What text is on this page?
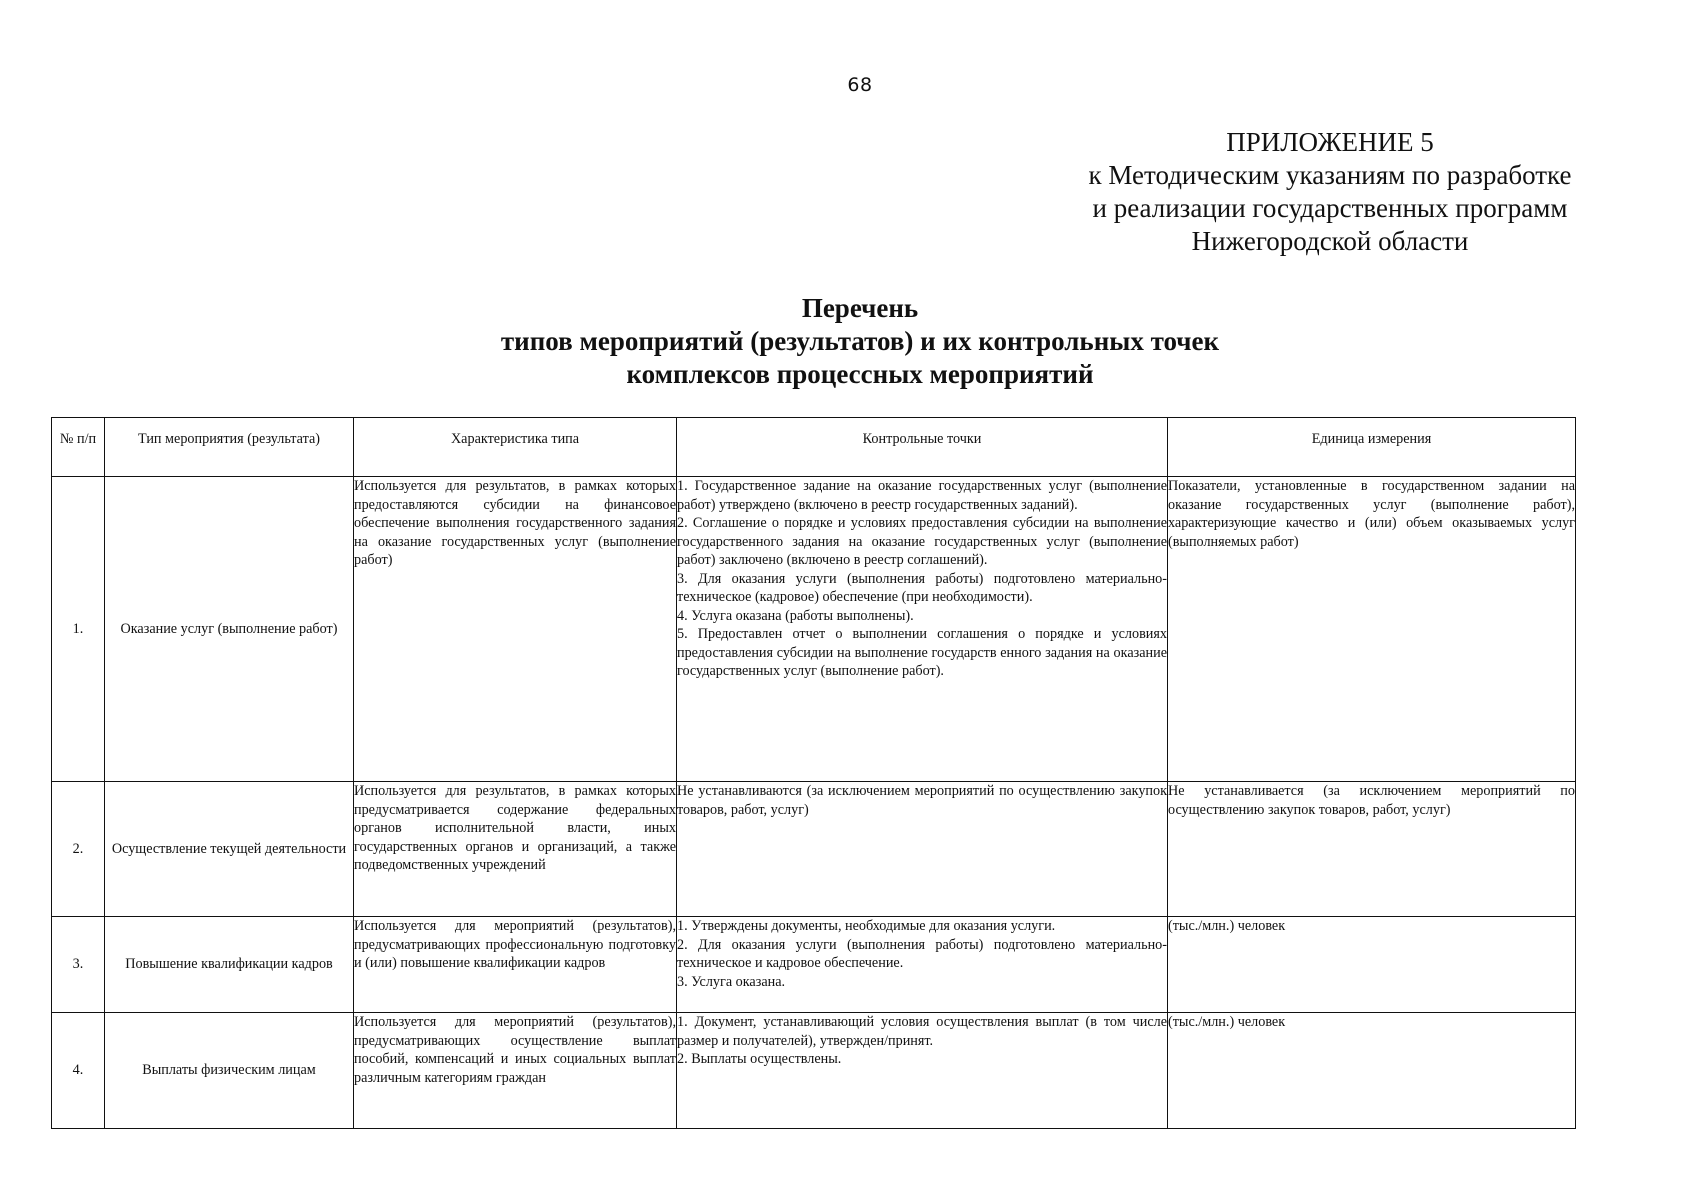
68
ПРИЛОЖЕНИЕ 5
к Методическим указаниям по разработке
и реализации государственных программ
Нижегородской области
Перечень
типов мероприятий (результатов) и их контрольных точек
комплексов процессных мероприятий
№ п/п	Тип мероприятия (результата)	Характеристика типа	Контрольные точки	Единица измерения
1.	Оказание услуг (выполнение работ)	Используется для результатов, в рамках которых предоставляются субсидии на финансовое обеспечение выполнения государственного задания на оказание государственных услуг (выполнение работ)	1. Государственное задание на оказание государственных услуг (выполнение работ) утверждено (включено в реестр государственных заданий).
2. Соглашение о порядке и условиях предоставления субсидии на выполнение государственного задания на оказание государственных услуг (выполнение работ) заключено (включено в реестр соглашений).
3. Для оказания услуги (выполнения работы) подготовлено материально-техническое (кадровое) обеспечение (при необходимости).
4. Услуга оказана (работы выполнены).
5. Предоставлен отчет о выполнении соглашения о порядке и условиях предоставления субсидии на выполнение государств енного задания на оказание государственных услуг (выполнение работ).	Показатели, установленные в государственном задании на оказание государственных услуг (выполнение работ), характеризующие качество и (или) объем оказываемых услуг (выполняемых работ)
2.	Осуществление текущей деятельности	Используется для результатов, в рамках которых предусматривается содержание федеральных органов исполнительной власти, иных государственных органов и организаций, а также подведомственных учреждений	Не устанавливаются (за исключением мероприятий по осуществлению закупок товаров, работ, услуг)	Не устанавливается (за исключением мероприятий по осуществлению закупок товаров, работ, услуг)
3.	Повышение квалификации кадров	Используется для мероприятий (результатов), предусматривающих профессиональную подготовку и (или) повышение квалификации кадров	1. Утверждены документы, необходимые для оказания услуги.
2. Для оказания услуги (выполнения работы) подготовлено материально-техническое и кадровое обеспечение.
3. Услуга оказана.	(тыс./млн.) человек
4.	Выплаты физическим лицам	Используется для мероприятий (результатов), предусматривающих осуществление выплат пособий, компенсаций и иных социальных выплат различным категориям граждан	1. Документ, устанавливающий условия осуществления выплат (в том числе размер и получателей), утвержден/принят.
2. Выплаты осуществлены.	(тыс./млн.) человек
